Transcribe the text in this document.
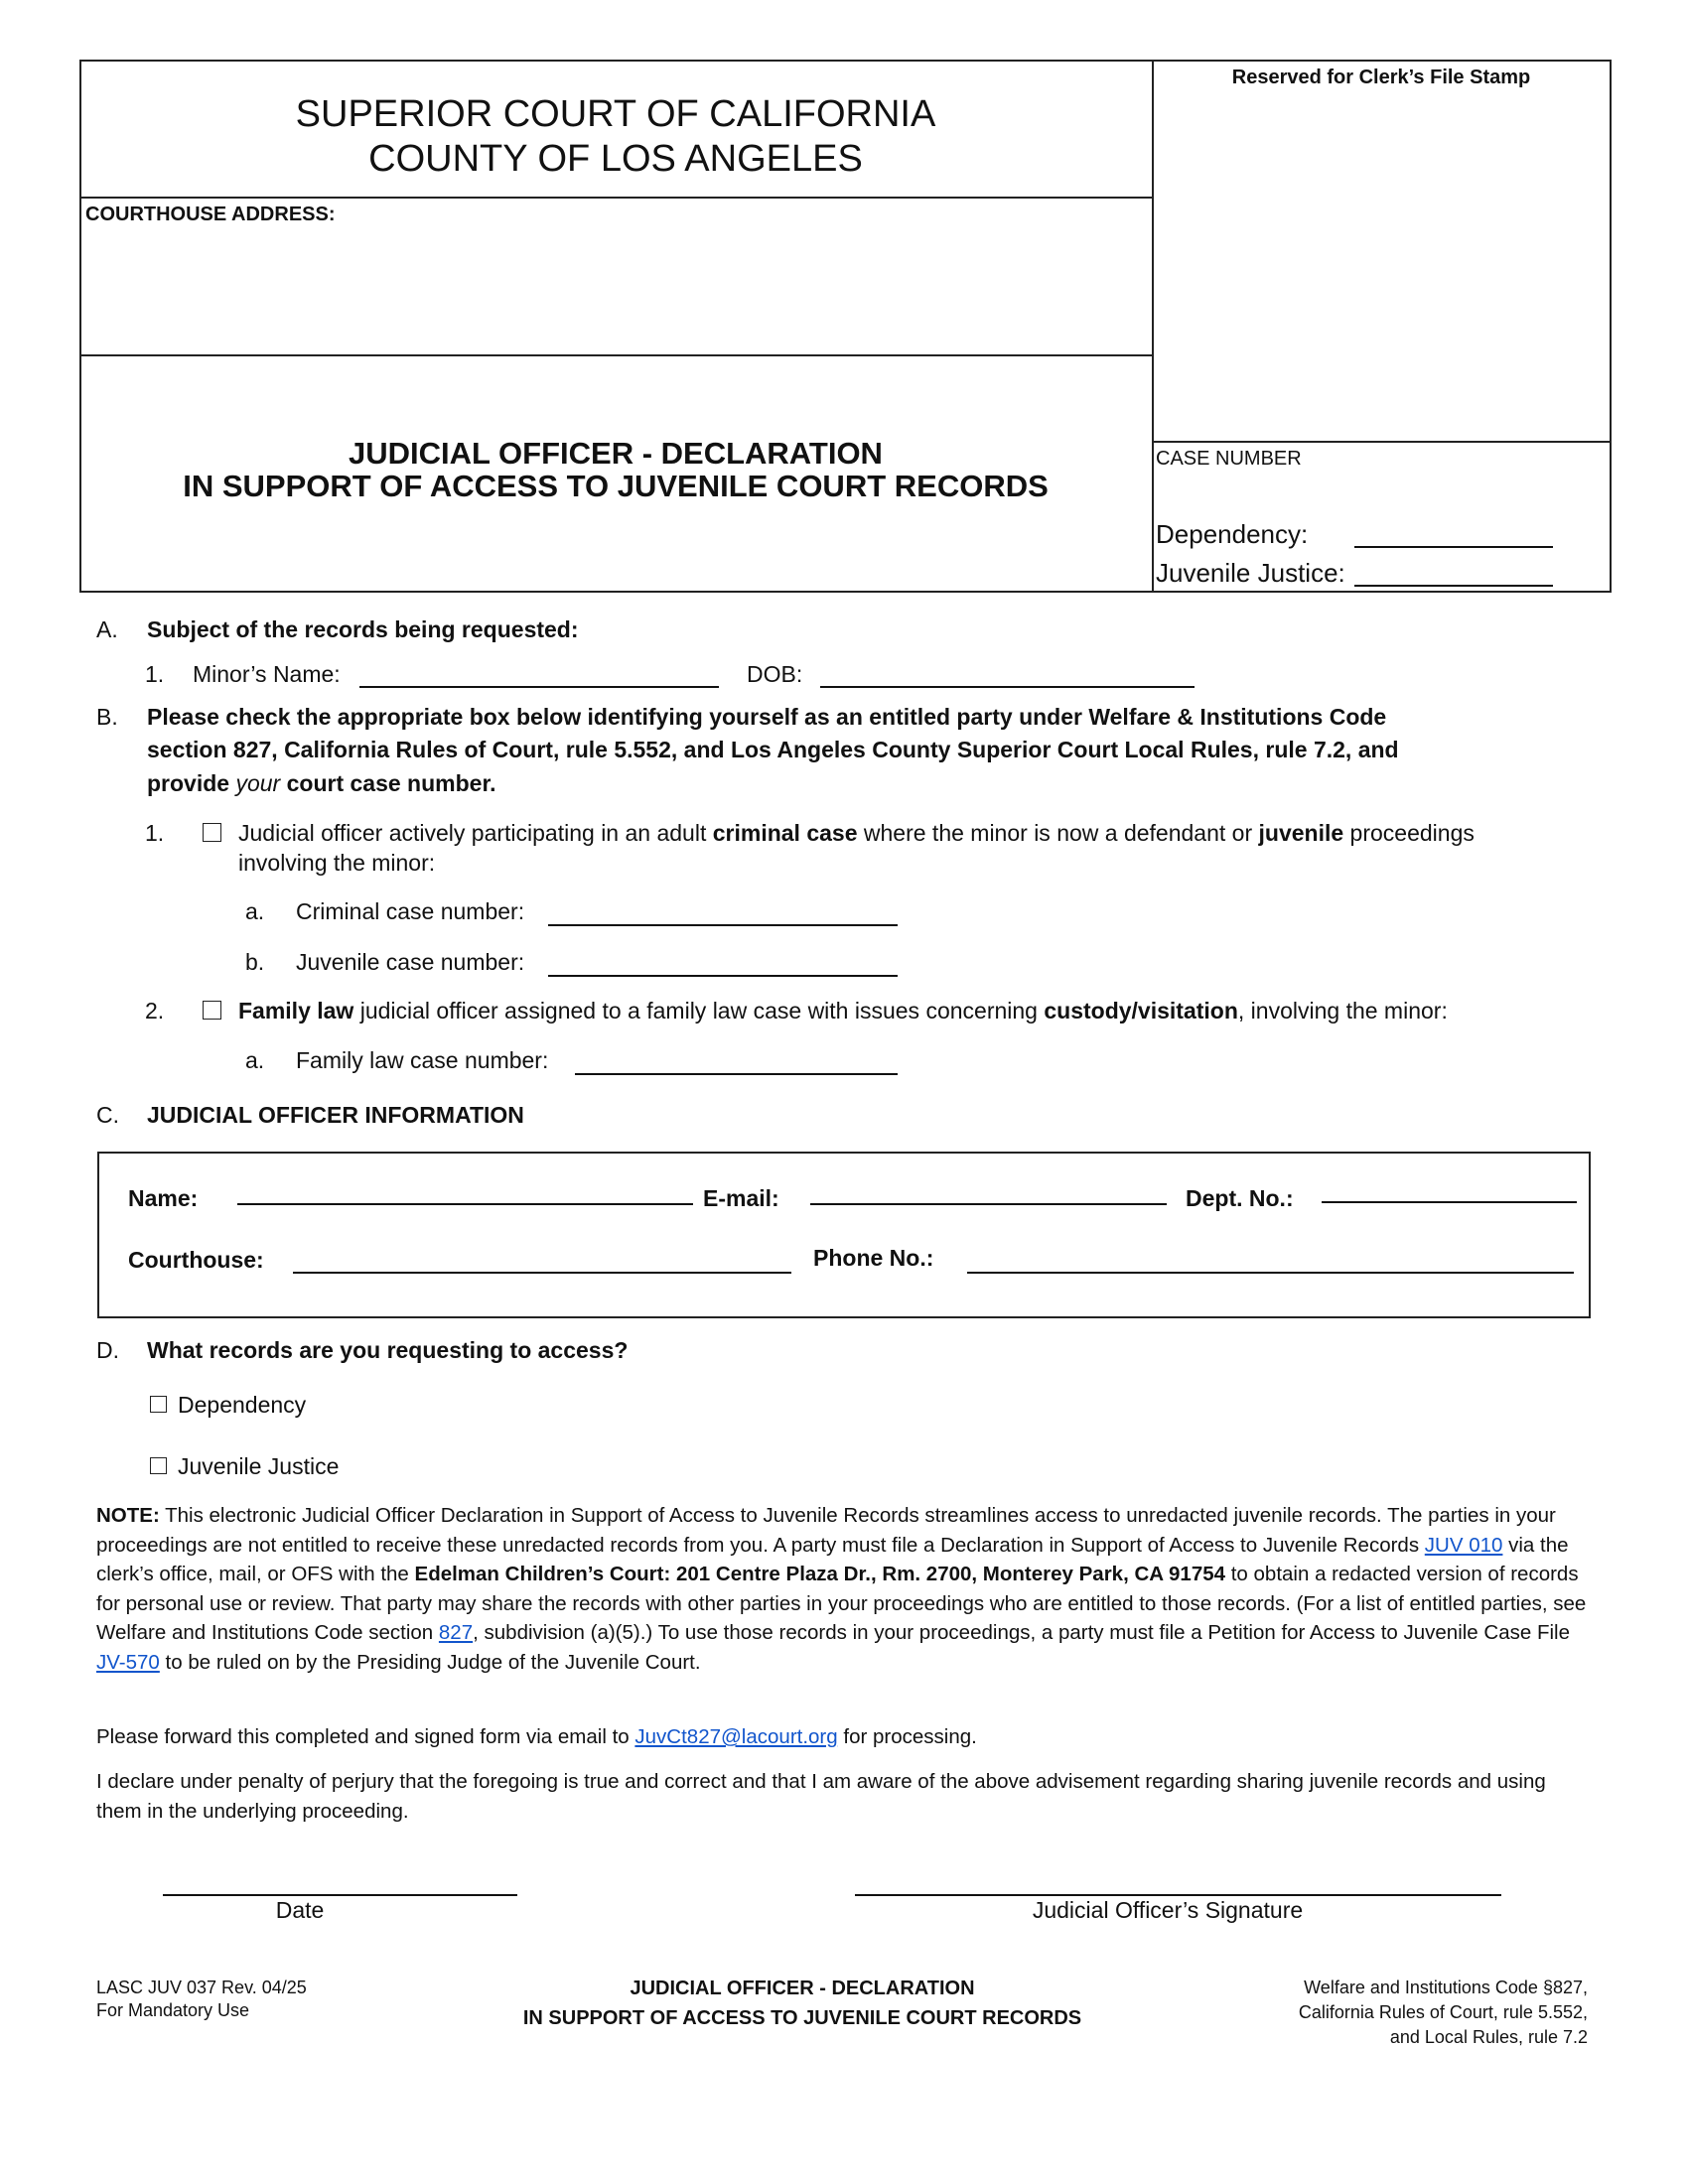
SUPERIOR COURT OF CALIFORNIA
COUNTY OF LOS ANGELES
COURTHOUSE ADDRESS:
JUDICIAL OFFICER - DECLARATION
IN SUPPORT OF ACCESS TO JUVENILE COURT RECORDS
Reserved for Clerk’s File Stamp
CASE NUMBER
Dependency:
Juvenile Justice:
A. Subject of the records being requested:
1. Minor’s Name:	DOB:
B. Please check the appropriate box below identifying yourself as an entitled party under Welfare & Institutions Code
section 827, California Rules of Court, rule 5.552, and Los Angeles County Superior Court Local Rules, rule 7.2, and
provide your court case number.
1.	Judicial officer actively participating in an adult criminal case where the minor is now a defendant or juvenile proceedings
involving the minor:
a. Criminal case number:
b. Juvenile case number:
2.	Family law judicial officer assigned to a family law case with issues concerning custody/visitation, involving the minor:
a. Family law case number:
C. JUDICIAL OFFICER INFORMATION
Name:	E-mail:	Dept. No.:
Courthouse:	Phone No.:
D. What records are you requesting to access?
Dependency
Juvenile Justice
NOTE: This electronic Judicial Officer Declaration in Support of Access to Juvenile Records streamlines access to unredacted juvenile records. The parties in your proceedings are not entitled to receive these unredacted records from you. A party must file a Declaration in Support of Access to Juvenile Records JUV 010 via the clerk’s office, mail, or OFS with the Edelman Children’s Court: 201 Centre Plaza Dr., Rm. 2700, Monterey Park, CA 91754 to obtain a redacted version of records for personal use or review. That party may share the records with other parties in your proceedings who are entitled to those records. (For a list of entitled parties, see Welfare and Institutions Code section 827, subdivision (a)(5).) To use those records in your proceedings, a party must file a Petition for Access to Juvenile Case File JV-570 to be ruled on by the Presiding Judge of the Juvenile Court.
Please forward this completed and signed form via email to JuvCt827@lacourt.org for processing.
I declare under penalty of perjury that the foregoing is true and correct and that I am aware of the above advisement regarding sharing juvenile records and using them in the underlying proceeding.
Date	Judicial Officer’s Signature
LASC JUV 037 Rev. 04/25
For Mandatory Use
JUDICIAL OFFICER - DECLARATION
IN SUPPORT OF ACCESS TO JUVENILE COURT RECORDS
Welfare and Institutions Code §827,
California Rules of Court, rule 5.552,
and Local Rules, rule 7.2
